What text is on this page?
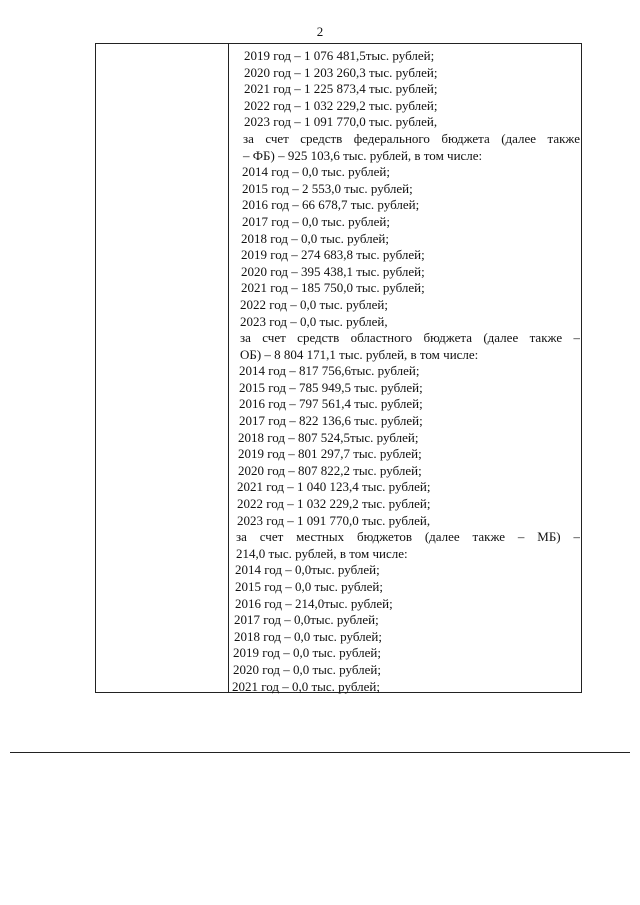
2
2019 год – 1 076 481,5тыс. рублей;
2020 год – 1 203 260,3 тыс. рублей;
2021 год – 1 225 873,4 тыс. рублей;
2022 год – 1 032 229,2 тыс. рублей;
2023 год – 1 091 770,0 тыс. рублей,
за счет средств федерального бюджета (далее также
– ФБ) – 925 103,6 тыс. рублей, в том числе:
2014 год – 0,0 тыс. рублей;
2015 год – 2 553,0 тыс. рублей;
2016 год – 66 678,7 тыс. рублей;
2017 год – 0,0 тыс. рублей;
2018 год – 0,0 тыс. рублей;
2019 год – 274 683,8 тыс. рублей;
2020 год – 395 438,1 тыс. рублей;
2021 год – 185 750,0 тыс. рублей;
2022 год – 0,0 тыс. рублей;
2023 год – 0,0 тыс. рублей,
за счет средств областного бюджета (далее также –
ОБ) – 8 804 171,1 тыс. рублей, в том числе:
2014 год – 817 756,6тыс. рублей;
2015 год – 785 949,5 тыс. рублей;
2016 год – 797 561,4 тыс. рублей;
2017 год – 822 136,6 тыс. рублей;
2018 год – 807 524,5тыс. рублей;
2019 год – 801 297,7 тыс. рублей;
2020 год – 807 822,2 тыс. рублей;
2021 год – 1 040 123,4 тыс. рублей;
2022 год – 1 032 229,2 тыс. рублей;
2023 год – 1 091 770,0 тыс. рублей,
за счет местных бюджетов (далее также – МБ) –
214,0 тыс. рублей, в том числе:
2014 год – 0,0тыс. рублей;
2015 год – 0,0 тыс. рублей;
2016 год – 214,0тыс. рублей;
2017 год – 0,0тыс. рублей;
2018 год – 0,0 тыс. рублей;
2019 год – 0,0 тыс. рублей;
2020 год – 0,0 тыс. рублей;
2021 год – 0,0 тыс. рублей;
